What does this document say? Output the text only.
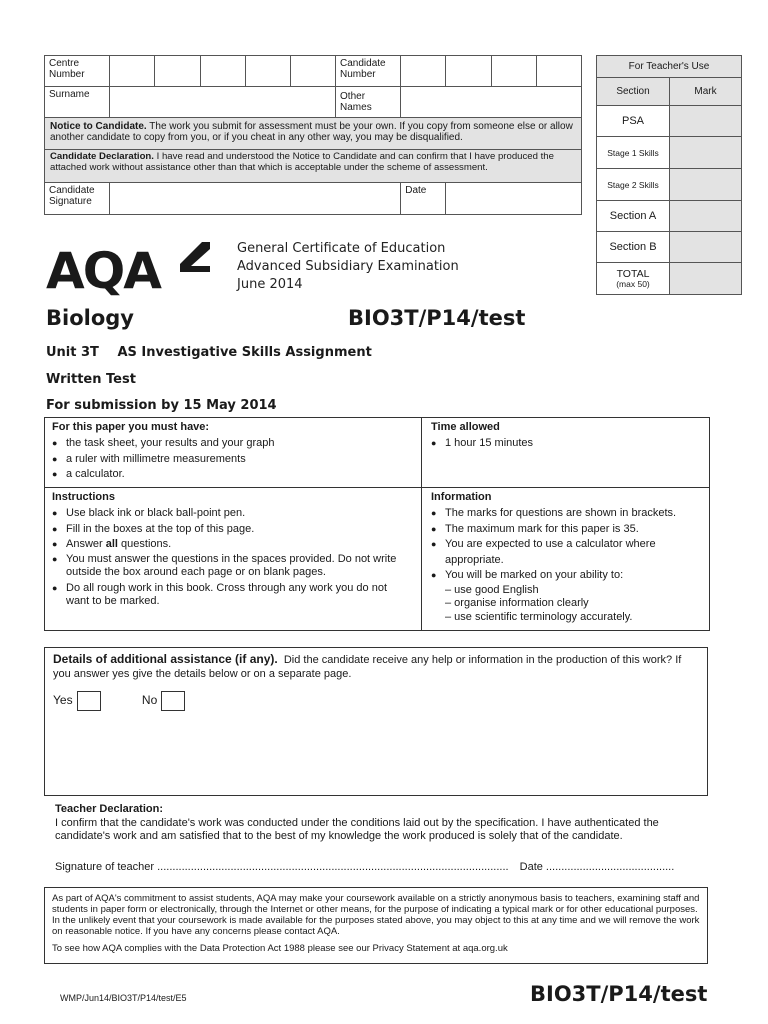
Centre Number						Candidate Number				
Surname						Other Names				
Notice to Candidate. The work you submit for assessment must be your own. If you copy from someone else or allow another candidate to copy from you, or if you cheat in any other way, you may be disqualified.										
Candidate Declaration. I have read and understood the Notice to Candidate and can confirm that I have produced the attached work without assistance other than that which is acceptable under the scheme of assessment.										
Candidate Signature							Date			
For Teacher's Use	
Section	Mark
PSA	
Stage 1 Skills	
Stage 2 Skills	
Section A	
Section B	

TOTAL
(max 50)	

AQA	General Certificate of Education
Advanced Subsidiary Examination
June 2014
Biology	BIO3T/P14/test
Unit 3T AS Investigative Skills Assignment
Written Test
For submission by 15 May 2014
For this paper you must have:
● the task sheet, your results and your graph
● a ruler with millimetre measurements
● a calculator.
Time allowed
● 1 hour 15 minutes
Instructions
● Use black ink or black ball-point pen.
● Fill in the boxes at the top of this page.
● Answer all questions.
● You must answer the questions in the spaces provided. Do not write outside the box around each page or on blank pages.
● Do all rough work in this book. Cross through any work you do not want to be marked.
Information
● The marks for questions are shown in brackets.
● The maximum mark for this paper is 35.
● You are expected to use a calculator where appropriate.
● You will be marked on your ability to:
– use good English
– organise information clearly
– use scientific terminology accurately.
Details of additional assistance (if any). Did the candidate receive any help or information in the production of this work? If you answer yes give the details below or on a separate page.
Yes	No
Teacher Declaration:
I confirm that the candidate's work was conducted under the conditions laid out by the specification. I have authenticated the candidate's work and am satisfied that to the best of my knowledge the work produced is solely that of the candidate.
Signature of teacher ................................................................................................................... Date ..........................................
As part of AQA's commitment to assist students, AQA may make your coursework available on a strictly anonymous basis to teachers, examining staff and students in paper form or electronically, through the Internet or other means, for the purpose of indicating a typical mark or for other educational purposes. In the unlikely event that your coursework is made available for the purposes stated above, you may object to this at any time and we will remove the work on reasonable notice. If you have any concerns please contact AQA.
To see how AQA complies with the Data Protection Act 1988 please see our Privacy Statement at aqa.org.uk
WMP/Jun14/BIO3T/P14/test/E5	BIO3T/P14/test
